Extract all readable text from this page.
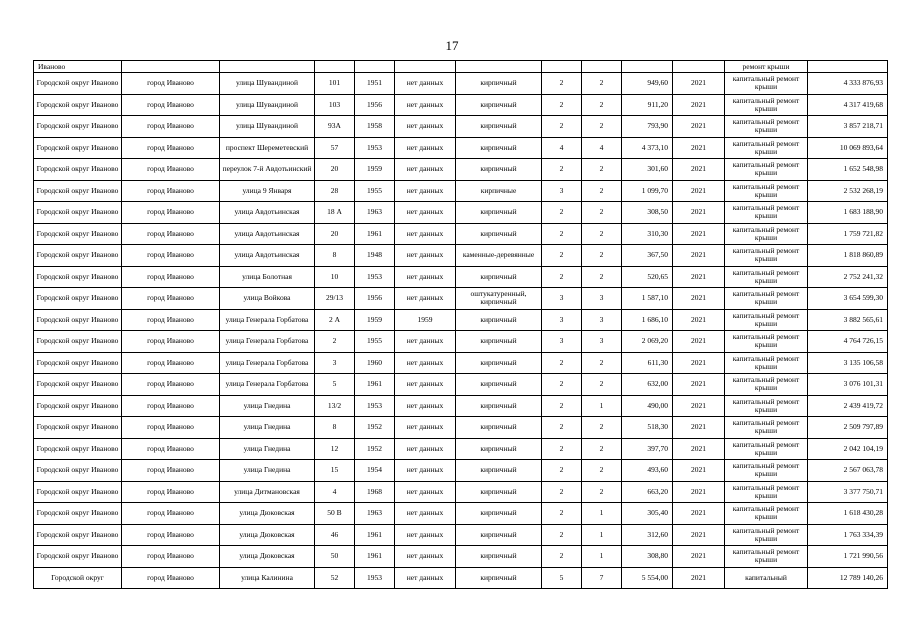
17
Иваново											ремонт крыши	
Городской округ Иваново	город Иваново	улица Шувандиной	101	1951	нет данных	кирпичный	2	2	949,60	2021	капитальный ремонт крыши	4 333 876,93
Городской округ Иваново	город Иваново	улица Шувандиной	103	1956	нет данных	кирпичный	2	2	911,20	2021	капитальный ремонт крыши	4 317 419,68
Городской округ Иваново	город Иваново	улица Шувандиной	93А	1958	нет данных	кирпичный	2	2	793,90	2021	капитальный ремонт крыши	3 857 218,71
Городской округ Иваново	город Иваново	проспект Шереметевский	57	1953	нет данных	кирпичный	4	4	4 373,10	2021	капитальный ремонт крыши	10 069 893,64
Городской округ Иваново	город Иваново	переулок 7-й Авдотьинский	20	1959	нет данных	кирпичный	2	2	301,60	2021	капитальный ремонт крыши	1 652 548,98
Городской округ Иваново	город Иваново	улица 9 Января	28	1955	нет данных	кирпичные	3	2	1 099,70	2021	капитальный ремонт крыши	2 532 268,19
Городской округ Иваново	город Иваново	улица Авдотьинская	18 А	1963	нет данных	кирпичный	2	2	308,50	2021	капитальный ремонт крыши	1 683 188,90
Городской округ Иваново	город Иваново	улица Авдотьинская	20	1961	нет данных	кирпичный	2	2	310,30	2021	капитальный ремонт крыши	1 759 721,82
Городской округ Иваново	город Иваново	улица Авдотьинская	8	1948	нет данных	каменные-деревянные	2	2	367,50	2021	капитальный ремонт крыши	1 818 860,89
Городской округ Иваново	город Иваново	улица Болотная	10	1953	нет данных	кирпичный	2	2	520,65	2021	капитальный ремонт крыши	2 752 241,32
Городской округ Иваново	город Иваново	улица Войкова	29/13	1956	нет данных	оштукатуренный, кирпичный	3	3	1 587,10	2021	капитальный ремонт крыши	3 654 599,30
Городской округ Иваново	город Иваново	улица Генерала Горбатова	2 А	1959	1959	кирпичный	3	3	1 686,10	2021	капитальный ремонт крыши	3 882 565,61
Городской округ Иваново	город Иваново	улица Генерала Горбатова	2	1955	нет данных	кирпичный	3	3	2 069,20	2021	капитальный ремонт крыши	4 764 726,15
Городской округ Иваново	город Иваново	улица Генерала Горбатова	3	1960	нет данных	кирпичный	2	2	611,30	2021	капитальный ремонт крыши	3 135 106,58
Городской округ Иваново	город Иваново	улица Генерала Горбатова	5	1961	нет данных	кирпичный	2	2	632,00	2021	капитальный ремонт крыши	3 076 101,31
Городской округ Иваново	город Иваново	улица Гнедина	13/2	1953	нет данных	кирпичный	2	1	490,00	2021	капитальный ремонт крыши	2 439 419,72
Городской округ Иваново	город Иваново	улица Гнедина	8	1952	нет данных	кирпичный	2	2	518,30	2021	капитальный ремонт крыши	2 509 797,89
Городской округ Иваново	город Иваново	улица Гнедина	12	1952	нет данных	кирпичный	2	2	397,70	2021	капитальный ремонт крыши	2 042 104,19
Городской округ Иваново	город Иваново	улица Гнедина	15	1954	нет данных	кирпичный	2	2	493,60	2021	капитальный ремонт крыши	2 567 063,78
Городской округ Иваново	город Иваново	улица Дитмановская	4	1968	нет данных	кирпичный	2	2	663,20	2021	капитальный ремонт крыши	3 377 750,71
Городской округ Иваново	город Иваново	улица Дюковская	50 В	1963	нет данных	кирпичный	2	1	305,40	2021	капитальный ремонт крыши	1 618 430,28
Городской округ Иваново	город Иваново	улица Дюковская	46	1961	нет данных	кирпичный	2	1	312,60	2021	капитальный ремонт крыши	1 763 334,39
Городской округ Иваново	город Иваново	улица Дюковская	50	1961	нет данных	кирпичный	2	1	308,80	2021	капитальный ремонт крыши	1 721 990,56
Городской округ	город Иваново	улица Калинина	52	1953	нет данных	кирпичный	5	7	5 554,00	2021	капитальный	12 789 140,26
